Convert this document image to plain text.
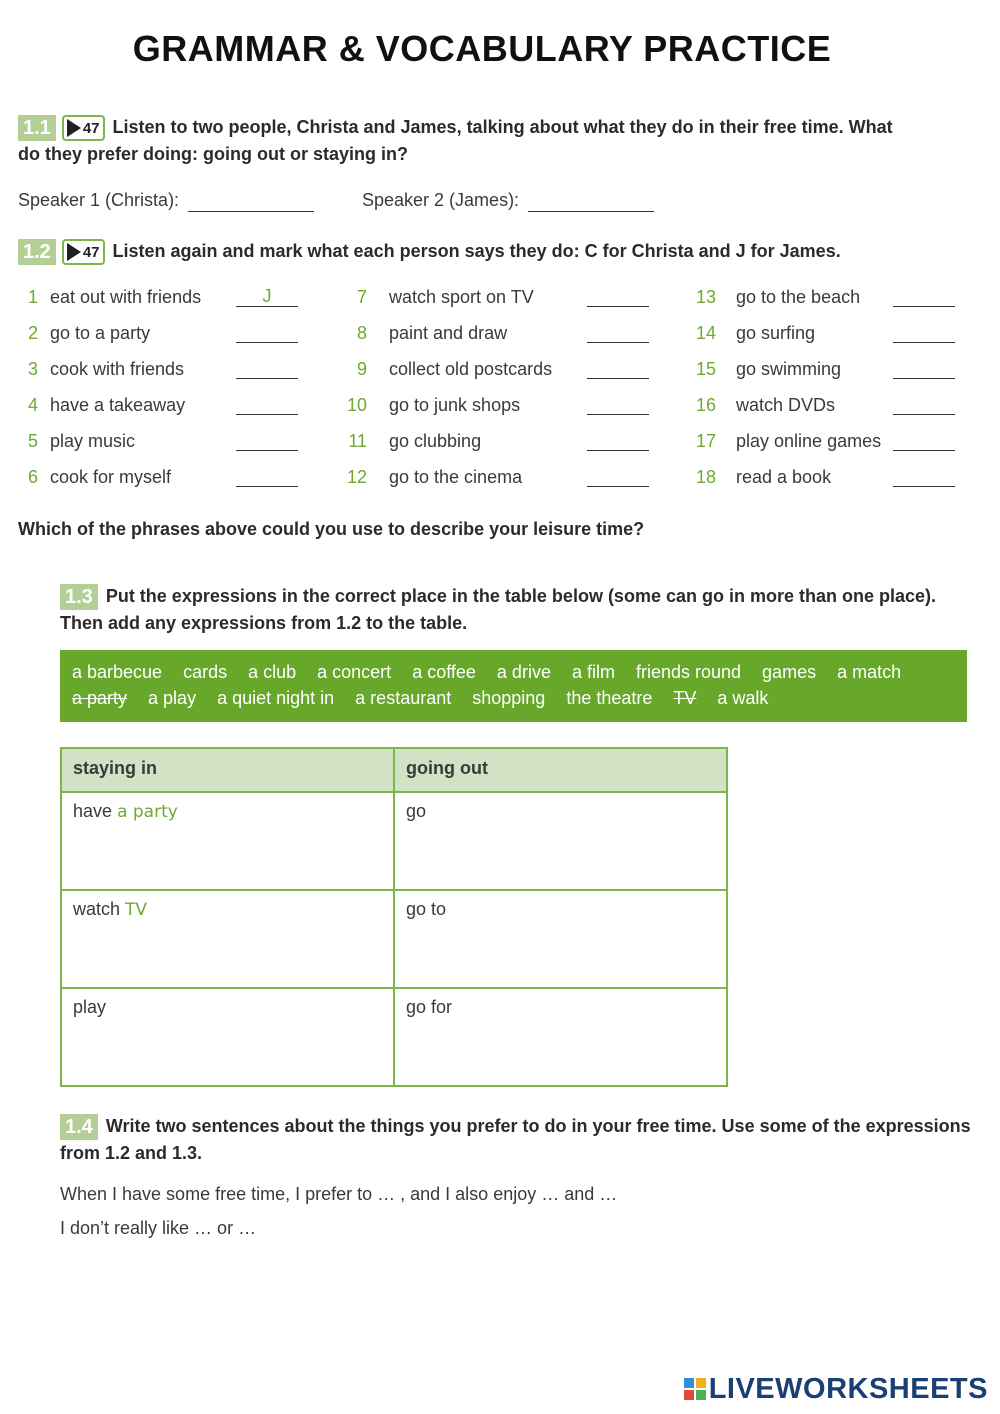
GRAMMAR & VOCABULARY PRACTICE
1.1 47 Listen to two people, Christa and James, talking about what they do in their free time. What
do they prefer doing: going out or staying in?
Speaker 1 (Christa):	Speaker 2 (James):
1.2 47 Listen again and mark what each person says they do: C for Christa and J for James.
1 eat out with friends	J
2 go to a party
3 cook with friends
4 have a takeaway
5 play music
6 cook for myself
7 watch sport on TV
8 paint and draw
9 collect old postcards
10 go to junk shops
11 go clubbing
12 go to the cinema
13 go to the beach
14 go surfing
15 go swimming
16 watch DVDs
17 play online games
18 read a book
Which of the phrases above could you use to describe your leisure time?
1.3 Put the expressions in the correct place in the table below (some can go in more than one place).
Then add any expressions from 1.2 to the table.
a barbecue cards a club a concert a coffee a drive a film friends round games a match
a party a play a quiet night in a restaurant shopping the theatre TV a walk
staying in	going out
have a party	go
watch TV	go to
play	go for
1.4 Write two sentences about the things you prefer to do in your free time. Use some of the expressions
from 1.2 and 1.3.
When I have some free time, I prefer to … , and I also enjoy … and …
I don’t really like … or …
LIVEWORKSHEETS
